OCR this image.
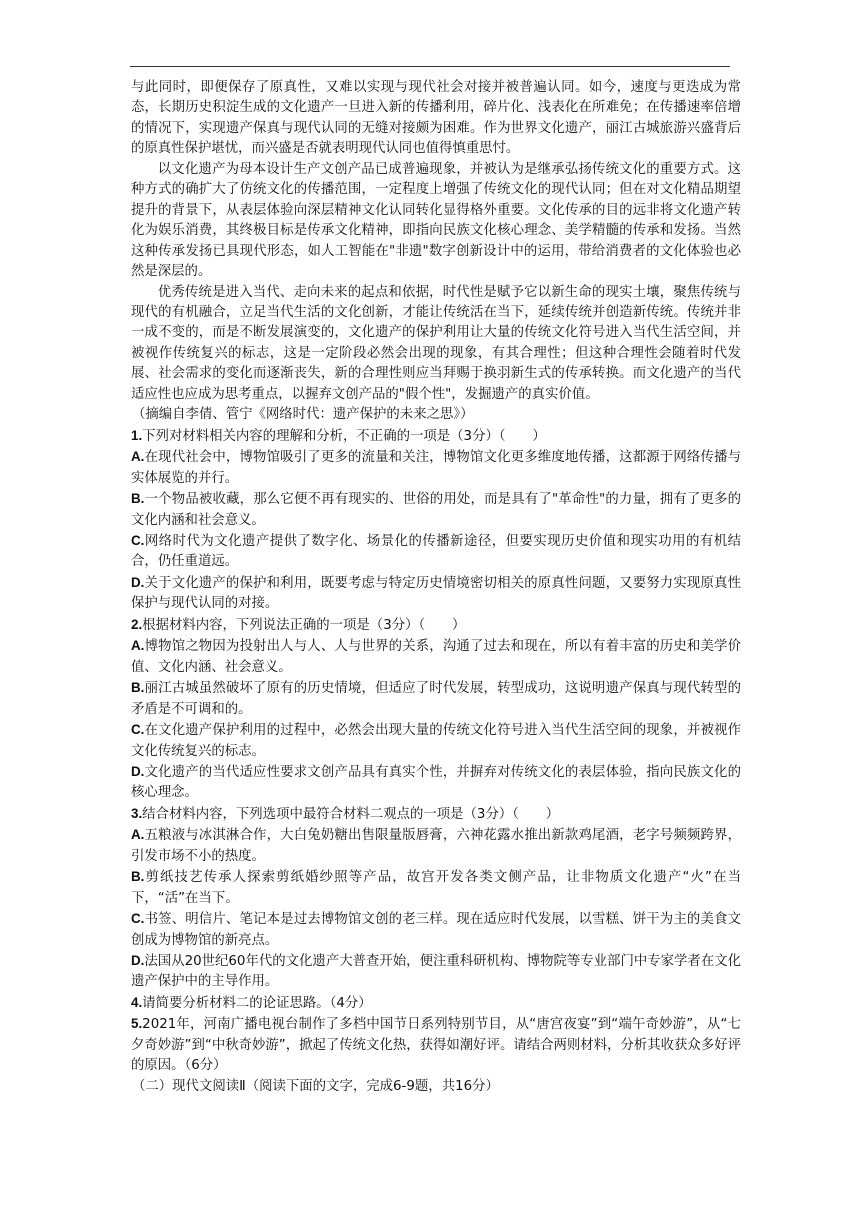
与此同时，即便保存了原真性，又难以实现与现代社会对接并被普遍认同。如今，速度与更迭成为常态，长期历史积淀生成的文化遗产一旦进入新的传播利用，碎片化、浅表化在所难免；在传播速率倍增的情况下，实现遗产保真与现代认同的无缝对接颇为困难。作为世界文化遗产，丽江古城旅游兴盛背后的原真性保护堪忧，而兴盛是否就表明现代认同也值得慎重思忖。

以文化遗产为母本设计生产文创产品已成普遍现象，并被认为是继承弘扬传统文化的重要方式。这种方式的确扩大了仿统文化的传播范围，一定程度上增强了传统文化的现代认同；但在对文化精品期望提升的背景下，从表层体验向深层精神文化认同转化显得格外重要。文化传承的目的远非将文化遗产转化为娱乐消费，其终极目标是传承文化精神，即指向民族文化核心理念、美学精髓的传承和发扬。当然这种传承发扬已具现代形态，如人工智能在"非遗"数字创新设计中的运用，带给消费者的文化体验也必然是深层的。

优秀传统是进入当代、走向未来的起点和依据，时代性是赋予它以新生命的现实土壤，聚焦传统与现代的有机融合，立足当代生活的文化创新，才能让传统活在当下，延续传统并创造新传统。传统并非一成不变的，而是不断发展演变的，文化遗产的保护利用让大量的传统文化符号进入当代生活空间，并被视作传统复兴的标志，这是一定阶段必然会出现的现象，有其合理性；但这种合理性会随着时代发展、社会需求的变化而逐渐丧失，新的合理性则应当拜赐于换羽新生式的传承转换。而文化遗产的当代适应性也应成为思考重点，以握弃文创产品的"假个性"，发掘遗产的真实价值。

（摘编自李倩、管宁《网络时代：遗产保护的未来之思》）

1.下列对材料相关内容的理解和分析，不正确的一项是（3分）（　　）

A.在现代社会中，博物馆吸引了更多的流量和关注，博物馆文化更多维度地传播，这都源于网络传播与实体展览的并行。

B.一个物品被收藏，那么它便不再有现实的、世俗的用处，而是具有了"革命性"的力量，拥有了更多的文化内涵和社会意义。

C.网络时代为文化遗产提供了数字化、场景化的传播新途径，但要实现历史价值和现实功用的有机结合，仍任重道远。

D.关于文化遗产的保护和利用，既要考虑与特定历史情境密切相关的原真性问题，又要努力实现原真性保护与现代认同的对接。

2.根据材料内容，下列说法正确的一项是（3分）（　　）

A.博物馆之物因为投射出人与人、人与世界的关系，沟通了过去和现在，所以有着丰富的历史和美学价值、文化内涵、社会意义。

B.丽江古城虽然破坏了原有的历史情境，但适应了时代发展，转型成功，这说明遗产保真与现代转型的矛盾是不可调和的。

C.在文化遗产保护利用的过程中，必然会出现大量的传统文化符号进入当代生活空间的现象，并被视作文化传统复兴的标志。

D.文化遗产的当代适应性要求文创产品具有真实个性，并摒弃对传统文化的表层体验，指向民族文化的核心理念。

3.结合材料内容，下列选项中最符合材料二观点的一项是（3分）（　　）

A.五粮液与冰淇淋合作，大白兔奶糖出售限量版唇膏，六神花露水推出新款鸡尾酒，老字号频频跨界，引发市场不小的热度。

B.剪纸技艺传承人探索剪纸婚纱照等产品，故宫开发各类文侧产品，让非物质文化遗产“火”在当下，“活”在当下。

C.书签、明信片、笔记本是过去博物馆文创的老三样。现在适应时代发展，以雪糕、饼干为主的美食文创成为博物馆的新亮点。

D.法国从20世纪60年代的文化遗产大普查开始，便注重科研机构、博物院等专业部门中专家学者在文化遗产保护中的主导作用。

4.请简要分析材料二的论证思路。（4分）

5.2021年，河南广播电视台制作了多档中国节日系列特别节目，从“唐宫夜宴”到“端午奇妙游”，从“七夕奇妙游”到“中秋奇妙游”，掀起了传统文化热，获得如潮好评。请结合两则材料，分析其收获众多好评的原因。（6分）

（二）现代文阅读Ⅱ（阅读下面的文字，完成6-9题，共16分）
